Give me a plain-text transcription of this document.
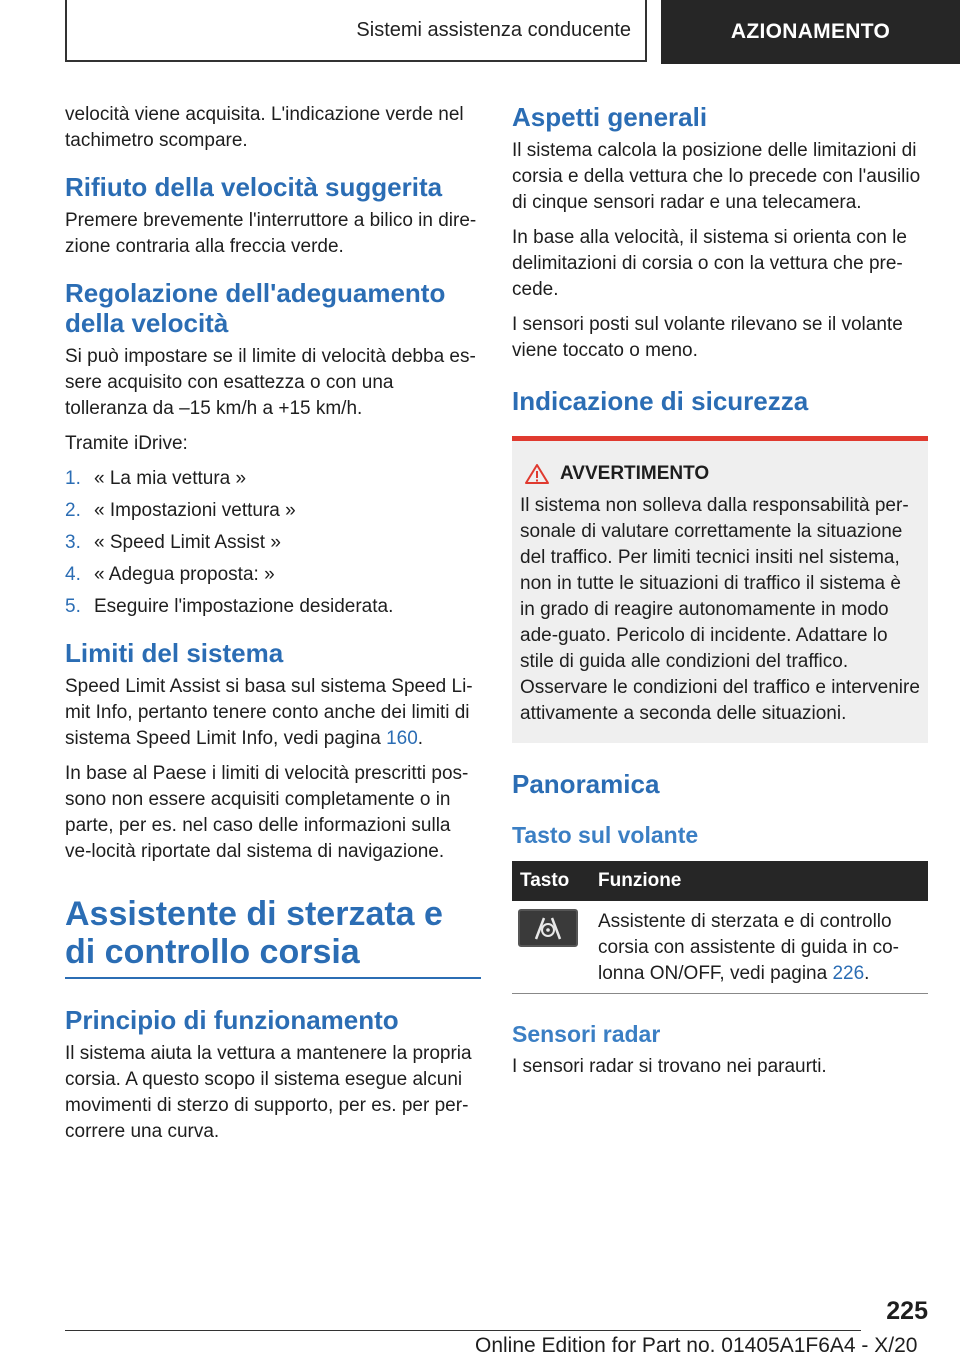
Sistemi assistenza conducente	AZIONAMENTO

velocità viene acquisita. L'indicazione verde nel tachimetro scompare.

Rifiuto della velocità suggerita

Premere brevemente l'interruttore a bilico in dire-zione contraria alla freccia verde.

Regolazione dell'adeguamento della velocità

Si può impostare se il limite di velocità debba es-sere acquisito con esattezza o con una tolleranza da –15 km/h a +15 km/h.

Tramite iDrive:

1. « La mia vettura »
2. « Impostazioni vettura »
3. « Speed Limit Assist »
4. « Adegua proposta: »
5. Eseguire l'impostazione desiderata.
Limiti del sistema

Speed Limit Assist si basa sul sistema Speed Li-mit Info, pertanto tenere conto anche dei limiti di sistema Speed Limit Info, vedi pagina 160.

In base al Paese i limiti di velocità prescritti pos-sono non essere acquisiti completamente o in parte, per es. nel caso delle informazioni sulla ve-locità riportate dal sistema di navigazione.

Assistente di sterzata e di controllo corsia
Principio di funzionamento

Il sistema aiuta la vettura a mantenere la propria corsia. A questo scopo il sistema esegue alcuni movimenti di sterzo di supporto, per es. per per-correre una curva.

Aspetti generali

Il sistema calcola la posizione delle limitazioni di corsia e della vettura che lo precede con l'ausilio di cinque sensori radar e una telecamera.

In base alla velocità, il sistema si orienta con le delimitazioni di corsia o con la vettura che pre-cede.

I sensori posti sul volante rilevano se il volante viene toccato o meno.

Indicazione di sicurezza
AVVERTIMENTO

Il sistema non solleva dalla responsabilità per-sonale di valutare correttamente la situazione del traffico. Per limiti tecnici insiti nel sistema, non in tutte le situazioni di traffico il sistema è in grado di reagire autonomamente in modo ade-guato. Pericolo di incidente. Adattare lo stile di guida alle condizioni del traffico. Osservare le condizioni del traffico e intervenire attivamente a seconda delle situazioni.

Panoramica
Tasto sul volante
Tasto	Funzione

	Assistente di sterzata e di controllo corsia con assistente di guida in co-lonna ON/OFF, vedi pagina 226.
Sensori radar

I sensori radar si trovano nei paraurti.

225
Online Edition for Part no. 01405A1F6A4 - X/20
